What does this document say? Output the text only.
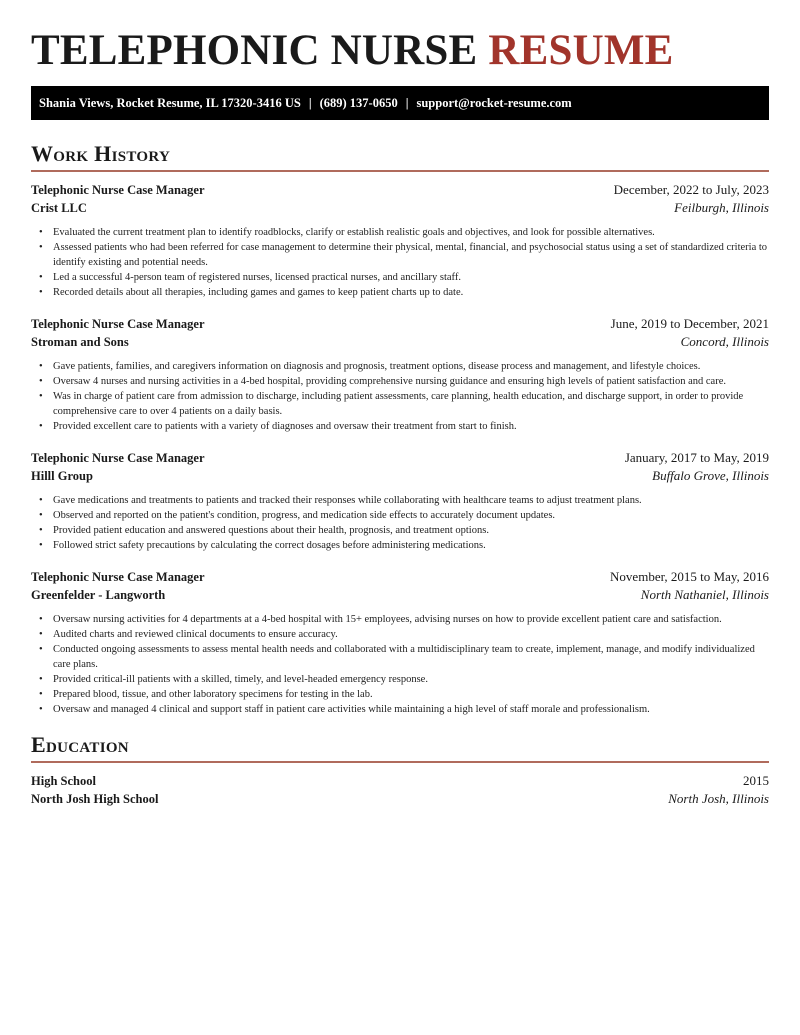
TELEPHONIC NURSE RESUME
Shania Views, Rocket Resume, IL 17320-3416 US | (689) 137-0650 | support@rocket-resume.com
Work History
Telephonic Nurse Case Manager	December, 2022 to July, 2023
Crist LLC	Feilburgh, Illinois
• Evaluated the current treatment plan to identify roadblocks, clarify or establish realistic goals and objectives, and look for possible alternatives.
• Assessed patients who had been referred for case management to determine their physical, mental, financial, and psychosocial status using a set of standardized criteria to identify existing and potential needs.
• Led a successful 4-person team of registered nurses, licensed practical nurses, and ancillary staff.
• Recorded details about all therapies, including games and games to keep patient charts up to date.
Telephonic Nurse Case Manager	June, 2019 to December, 2021
Stroman and Sons	Concord, Illinois
• Gave patients, families, and caregivers information on diagnosis and prognosis, treatment options, disease process and management, and lifestyle choices.
• Oversaw 4 nurses and nursing activities in a 4-bed hospital, providing comprehensive nursing guidance and ensuring high levels of patient satisfaction and care.
• Was in charge of patient care from admission to discharge, including patient assessments, care planning, health education, and discharge support, in order to provide comprehensive care to over 4 patients on a daily basis.
• Provided excellent care to patients with a variety of diagnoses and oversaw their treatment from start to finish.
Telephonic Nurse Case Manager	January, 2017 to May, 2019
Hilll Group	Buffalo Grove, Illinois
• Gave medications and treatments to patients and tracked their responses while collaborating with healthcare teams to adjust treatment plans.
• Observed and reported on the patient's condition, progress, and medication side effects to accurately document updates.
• Provided patient education and answered questions about their health, prognosis, and treatment options.
• Followed strict safety precautions by calculating the correct dosages before administering medications.
Telephonic Nurse Case Manager	November, 2015 to May, 2016
Greenfelder - Langworth	North Nathaniel, Illinois
• Oversaw nursing activities for 4 departments at a 4-bed hospital with 15+ employees, advising nurses on how to provide excellent patient care and satisfaction.
• Audited charts and reviewed clinical documents to ensure accuracy.
• Conducted ongoing assessments to assess mental health needs and collaborated with a multidisciplinary team to create, implement, manage, and modify individualized care plans.
• Provided critical-ill patients with a skilled, timely, and level-headed emergency response.
• Prepared blood, tissue, and other laboratory specimens for testing in the lab.
• Oversaw and managed 4 clinical and support staff in patient care activities while maintaining a high level of staff morale and professionalism.
Education
High School	2015
North Josh High School	North Josh, Illinois
